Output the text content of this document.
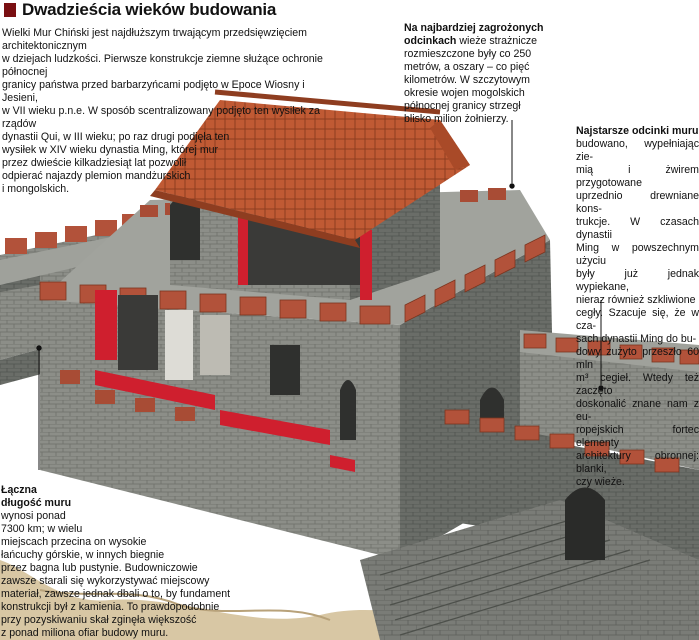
Dwadzieścia wieków budowania
Wielki Mur Chiński jest najdłuższym trwającym przedsięwzięciem architektonicznym
w dziejach ludzkości. Pierwsze konstrukcje ziemne służące ochronie północnej
granicy państwa przed barbarzyńcami podjęto w Epoce Wiosny i Jesieni,
w VII wieku p.n.e. W sposób scentralizowany podjęto ten wysiłek za rządów
dynastii Qui, w III wieku; po raz drugi podjęła ten
wysiłek w XIV wieku dynastia Ming, której mur
przez dwieście kilkadziesiąt lat pozwolił
odpierać najazdy plemion mandżurskich
i mongolskich.
Na najbardziej zagrożonych
odcinkach wieże strażnicze
rozmieszczone były co 250
metrów, a oszary – co pięć
kilometrów. W szczytowym
okresie wojen mogolskich
północnej granicy strzegł
blisko milion żołnierzy.
Najstarsze odcinki muru
budowano, wypełniając zie-
mią i żwirem przygotowane
uprzednio drewniane kons-
trukcje. W czasach dynastii
Ming w powszechnym użyciu
były już jednak wypiekane,
nieraz również szkliwione
cegły. Szacuje się, że w cza-
sach dynastii Ming do bu-
dowy zużyto przeszło 60 mln
m³ cegieł. Wtedy też zaczęto
doskonalić znane nam z eu-
ropejskich fortec elementy
architektury obronnej: blanki,
czy wieże.
Łączna
długość muru
wynosi ponad
7300 km; w wielu
miejscach przecina on wysokie
łańcuchy górskie, w innych biegnie
przez bagna lub pustynie. Budowniczowie
zawsze starali się wykorzystywać miejscowy
materiał, zawsze jednak dbali o to, by fundament
konstrukcji był z kamienia. To prawdopodobnie
przy pozyskiwaniu skał zginęła większość
z ponad miliona ofiar budowy muru.
